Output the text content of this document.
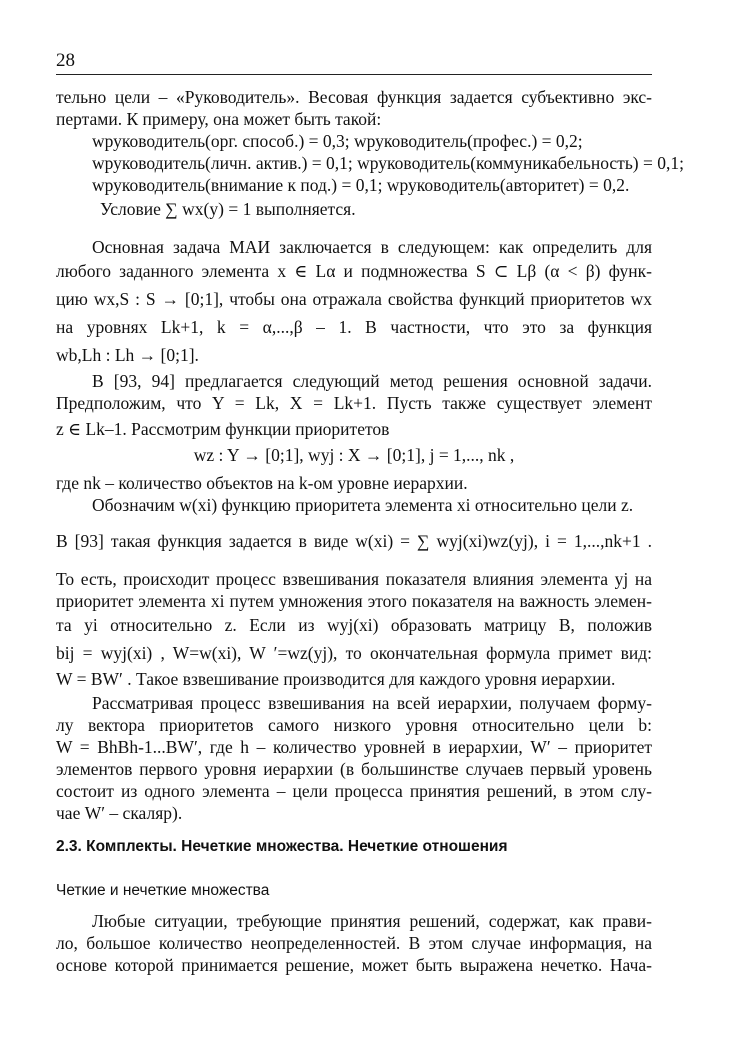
28
тельно цели – «Руководитель». Весовая функция задается субъективно экс-
пертами. К примеру, она может быть такой:
wруководитель(орг. способ.) = 0,3; wруководитель(профес.) = 0,2;
wруководитель(личн. актив.) = 0,1; wруководитель(коммуникабельность) = 0,1;
wруководитель(внимание к под.) = 0,1; wруководитель(авторитет) = 0,2.
Условие ∑ wx(y) = 1 выполняется.
Основная задача МАИ заключается в следующем: как определить для
любого заданного элемента x ∈ Lα и подмножества S ⊂ Lβ (α < β) функ-
цию wx,S : S → [0;1], чтобы она отражала свойства функций приоритетов wx
на уровнях Lk+1, k = α,...,β – 1. В частности, что это за функция
wb,Lh : Lh → [0;1].
В [93, 94] предлагается следующий метод решения основной задачи.
Предположим, что Y = Lk, X = Lk+1. Пусть также существует элемент
z ∈ Lk–1. Рассмотрим функции приоритетов
wz : Y → [0;1], wyj : X → [0;1], j = 1,..., nk ,
где nk – количество объектов на k-ом уровне иерархии.
Обозначим w(xi) функцию приоритета элемента xi относительно цели z.
В [93] такая функция задается в виде w(xi) = ∑ wyj(xi)wz(yj), i = 1,...,nk+1 .
То есть, происходит процесс взвешивания показателя влияния элемента yj на
приоритет элемента xi путем умножения этого показателя на важность элемен-
та yi относительно z. Если из wyj(xi) образовать матрицу B, положив
bij = wyj(xi) , W=w(xi), W ′=wz(yj), то окончательная формула примет вид:
W = BW′ . Такое взвешивание производится для каждого уровня иерархии.
Рассматривая процесс взвешивания на всей иерархии, получаем форму-
лу вектора приоритетов самого низкого уровня относительно цели b:
W = BhBh-1...BW′, где h – количество уровней в иерархии, W′ – приоритет
элементов первого уровня иерархии (в большинстве случаев первый уровень
состоит из одного элемента – цели процесса принятия решений, в этом слу-
чае W′ – скаляр).
2.3. Комплекты. Нечеткие множества. Нечеткие отношения
Четкие и нечеткие множества
Любые ситуации, требующие принятия решений, содержат, как прави-
ло, большое количество неопределенностей. В этом случае информация, на
основе которой принимается решение, может быть выражена нечетко. Нача-
